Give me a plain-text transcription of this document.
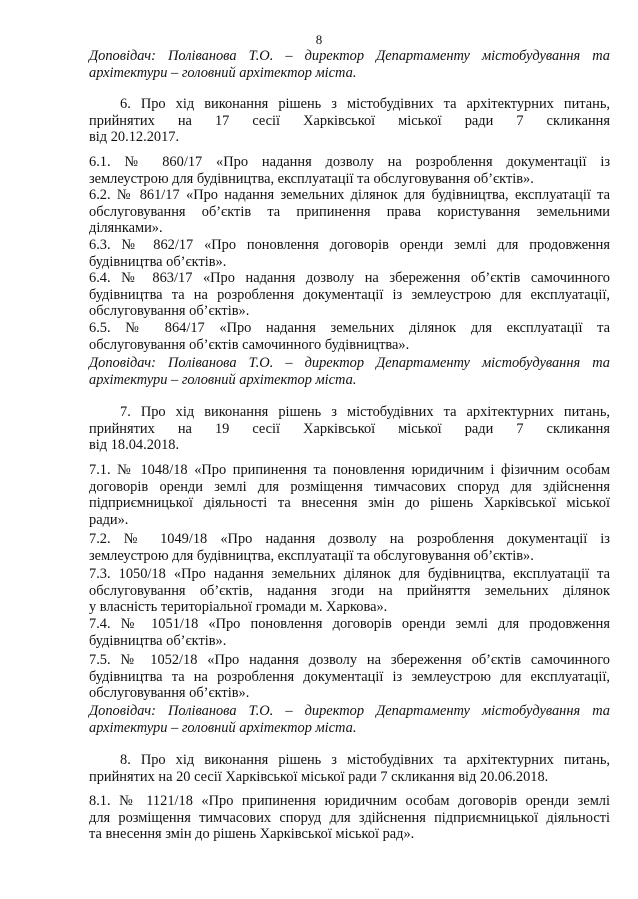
8
Доповідач: Поліванова Т.О. – директор Департаменту містобудування та
архітектури – головний архітектор міста.
6. Про хід виконання рішень з містобудівних та архітектурних питань,
прийнятих на 17 сесії Харківської міської ради 7 скликання
від 20.12.2017.
6.1. № 860/17 «Про надання дозволу на розроблення документації із
землеустрою для будівництва, експлуатації та обслуговування об’єктів».
6.2. № 861/17 «Про надання земельних ділянок для будівництва, експлуатації та
обслуговування об’єктів та припинення права користування земельними
ділянками».
6.3. № 862/17 «Про поновлення договорів оренди землі для продовження
будівництва об’єктів».
6.4. № 863/17 «Про надання дозволу на збереження об’єктів самочинного
будівництва та на розроблення документації із землеустрою для експлуатації,
обслуговування об’єктів».
6.5. № 864/17 «Про надання земельних ділянок для експлуатації та
обслуговування об’єктів самочинного будівництва».
Доповідач: Поліванова Т.О. – директор Департаменту містобудування та
архітектури – головний архітектор міста.
7. Про хід виконання рішень з містобудівних та архітектурних питань,
прийнятих на 19 сесії Харківської міської ради 7 скликання
від 18.04.2018.
7.1. № 1048/18 «Про припинення та поновлення юридичним і фізичним особам
договорів оренди землі для розміщення тимчасових споруд для здійснення
підприємницької діяльності та внесення змін до рішень Харківської міської
ради».
7.2. № 1049/18 «Про надання дозволу на розроблення документації із
землеустрою для будівництва, експлуатації та обслуговування об’єктів».
7.3. 1050/18 «Про надання земельних ділянок для будівництва, експлуатації та
обслуговування об’єктів, надання згоди на прийняття земельних ділянок
у власність територіальної громади м. Харкова».
7.4. № 1051/18 «Про поновлення договорів оренди землі для продовження
будівництва об’єктів».
7.5. № 1052/18 «Про надання дозволу на збереження об’єктів самочинного
будівництва та на розроблення документації із землеустрою для експлуатації,
обслуговування об’єктів».
Доповідач: Поліванова Т.О. – директор Департаменту містобудування та
архітектури – головний архітектор міста.
8. Про хід виконання рішень з містобудівних та архітектурних питань,
прийнятих на 20 сесії Харківської міської ради 7 скликання від 20.06.2018.
8.1. № 1121/18 «Про припинення юридичним особам договорів оренди землі
для розміщення тимчасових споруд для здійснення підприємницької діяльності
та внесення змін до рішень Харківської міської рад».
